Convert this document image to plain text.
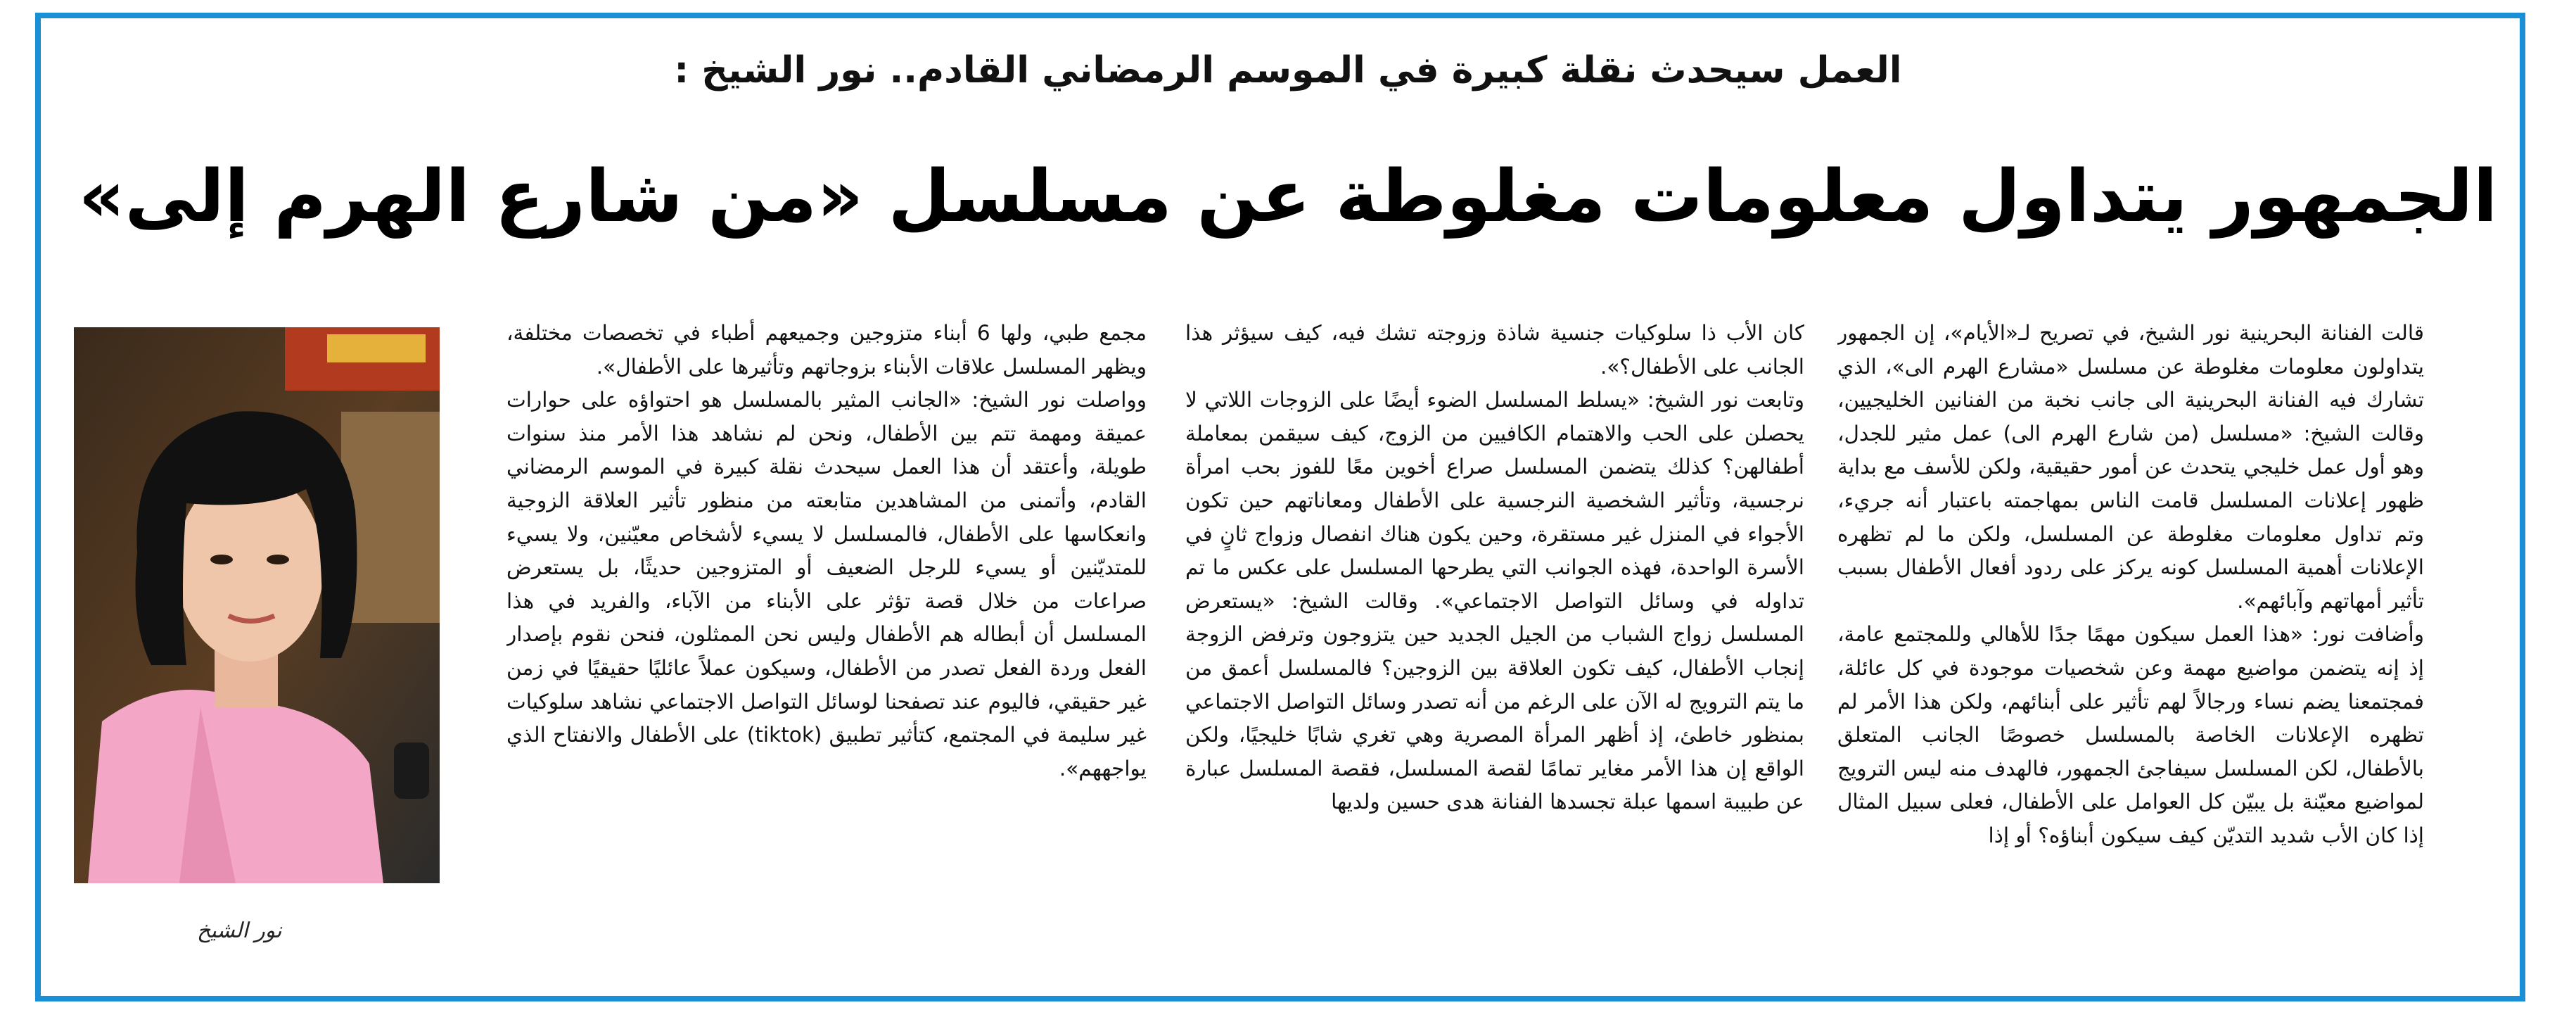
العمل سيحدث نقلة كبيرة في الموسم الرمضاني القادم.. نور الشيخ :
الجمهور يتداول معلومات مغلوطة عن مسلسل «من شارع الهرم إلى»

قالت الفنانة البحرينية نور الشيخ، في تصريح لـ«الأيام»، إن الجمهور يتداولون معلومات مغلوطة عن مسلسل «مشارع الهرم الى»، الذي تشارك فيه الفنانة البحرينية الى جانب نخبة من الفنانين الخليجيين، وقالت الشيخ: «مسلسل (من شارع الهرم الى) عمل مثير للجدل، وهو أول عمل خليجي يتحدث عن أمور حقيقية، ولكن للأسف مع بداية ظهور إعلانات المسلسل قامت الناس بمهاجمته باعتبار أنه جريء، وتم تداول معلومات مغلوطة عن المسلسل، ولكن ما لم تظهره الإعلانات أهمية المسلسل كونه يركز على ردود أفعال الأطفال بسبب تأثير أمهاتهم وآبائهم».

وأضافت نور: «هذا العمل سيكون مهمًا جدًا للأهالي وللمجتمع عامة، إذ إنه يتضمن مواضيع مهمة وعن شخصيات موجودة في كل عائلة، فمجتمعنا يضم نساء ورجالاً لهم تأثير على أبنائهم، ولكن هذا الأمر لم تظهره الإعلانات الخاصة بالمسلسل خصوصًا الجانب المتعلق بالأطفال، لكن المسلسل سيفاجئ الجمهور، فالهدف منه ليس الترويج لمواضيع معيّنة بل يبيّن كل العوامل على الأطفال، فعلى سبيل المثال إذا كان الأب شديد التديّن كيف سيكون أبناؤه؟ أو إذا

كان الأب ذا سلوكيات جنسية شاذة وزوجته تشك فيه، كيف سيؤثر هذا الجانب على الأطفال؟».

وتابعت نور الشيخ: «يسلط المسلسل الضوء أيضًا على الزوجات اللاتي لا يحصلن على الحب والاهتمام الكافيين من الزوج، كيف سيقمن بمعاملة أطفالهن؟ كذلك يتضمن المسلسل صراع أخوين معًا للفوز بحب امرأة نرجسية، وتأثير الشخصية النرجسية على الأطفال ومعاناتهم حين تكون الأجواء في المنزل غير مستقرة، وحين يكون هناك انفصال وزواج ثانٍ في الأسرة الواحدة، فهذه الجوانب التي يطرحها المسلسل على عكس ما تم تداوله في وسائل التواصل الاجتماعي». وقالت الشيخ: «يستعرض المسلسل زواج الشباب من الجيل الجديد حين يتزوجون وترفض الزوجة إنجاب الأطفال، كيف تكون العلاقة بين الزوجين؟ فالمسلسل أعمق من ما يتم الترويج له الآن على الرغم من أنه تصدر وسائل التواصل الاجتماعي بمنظور خاطئ، إذ أظهر المرأة المصرية وهي تغري شابًا خليجيًا، ولكن الواقع إن هذا الأمر مغاير تمامًا لقصة المسلسل، فقصة المسلسل عبارة عن طبيبة اسمها عبلة تجسدها الفنانة هدى حسين ولديها

مجمع طبي، ولها 6 أبناء متزوجين وجميعهم أطباء في تخصصات مختلفة، ويظهر المسلسل علاقات الأبناء بزوجاتهم وتأثيرها على الأطفال».

وواصلت نور الشيخ: «الجانب المثير بالمسلسل هو احتواؤه على حوارات عميقة ومهمة تتم بين الأطفال، ونحن لم نشاهد هذا الأمر منذ سنوات طويلة، وأعتقد أن هذا العمل سيحدث نقلة كبيرة في الموسم الرمضاني القادم، وأتمنى من المشاهدين متابعته من منظور تأثير العلاقة الزوجية وانعكاسها على الأطفال، فالمسلسل لا يسيء لأشخاص معيّنين، ولا يسيء للمتديّنين أو يسيء للرجل الضعيف أو المتزوجين حديثًا، بل يستعرض صراعات من خلال قصة تؤثر على الأبناء من الآباء، والفريد في هذا المسلسل أن أبطاله هم الأطفال وليس نحن الممثلون، فنحن نقوم بإصدار الفعل وردة الفعل تصدر من الأطفال، وسيكون عملاً عائليًا حقيقيًا في زمن غير حقيقي، فاليوم عند تصفحنا لوسائل التواصل الاجتماعي نشاهد سلوكيات غير سليمة في المجتمع، كتأثير تطبيق (tiktok) على الأطفال والانفتاح الذي يواجههم».

نور الشيخ
